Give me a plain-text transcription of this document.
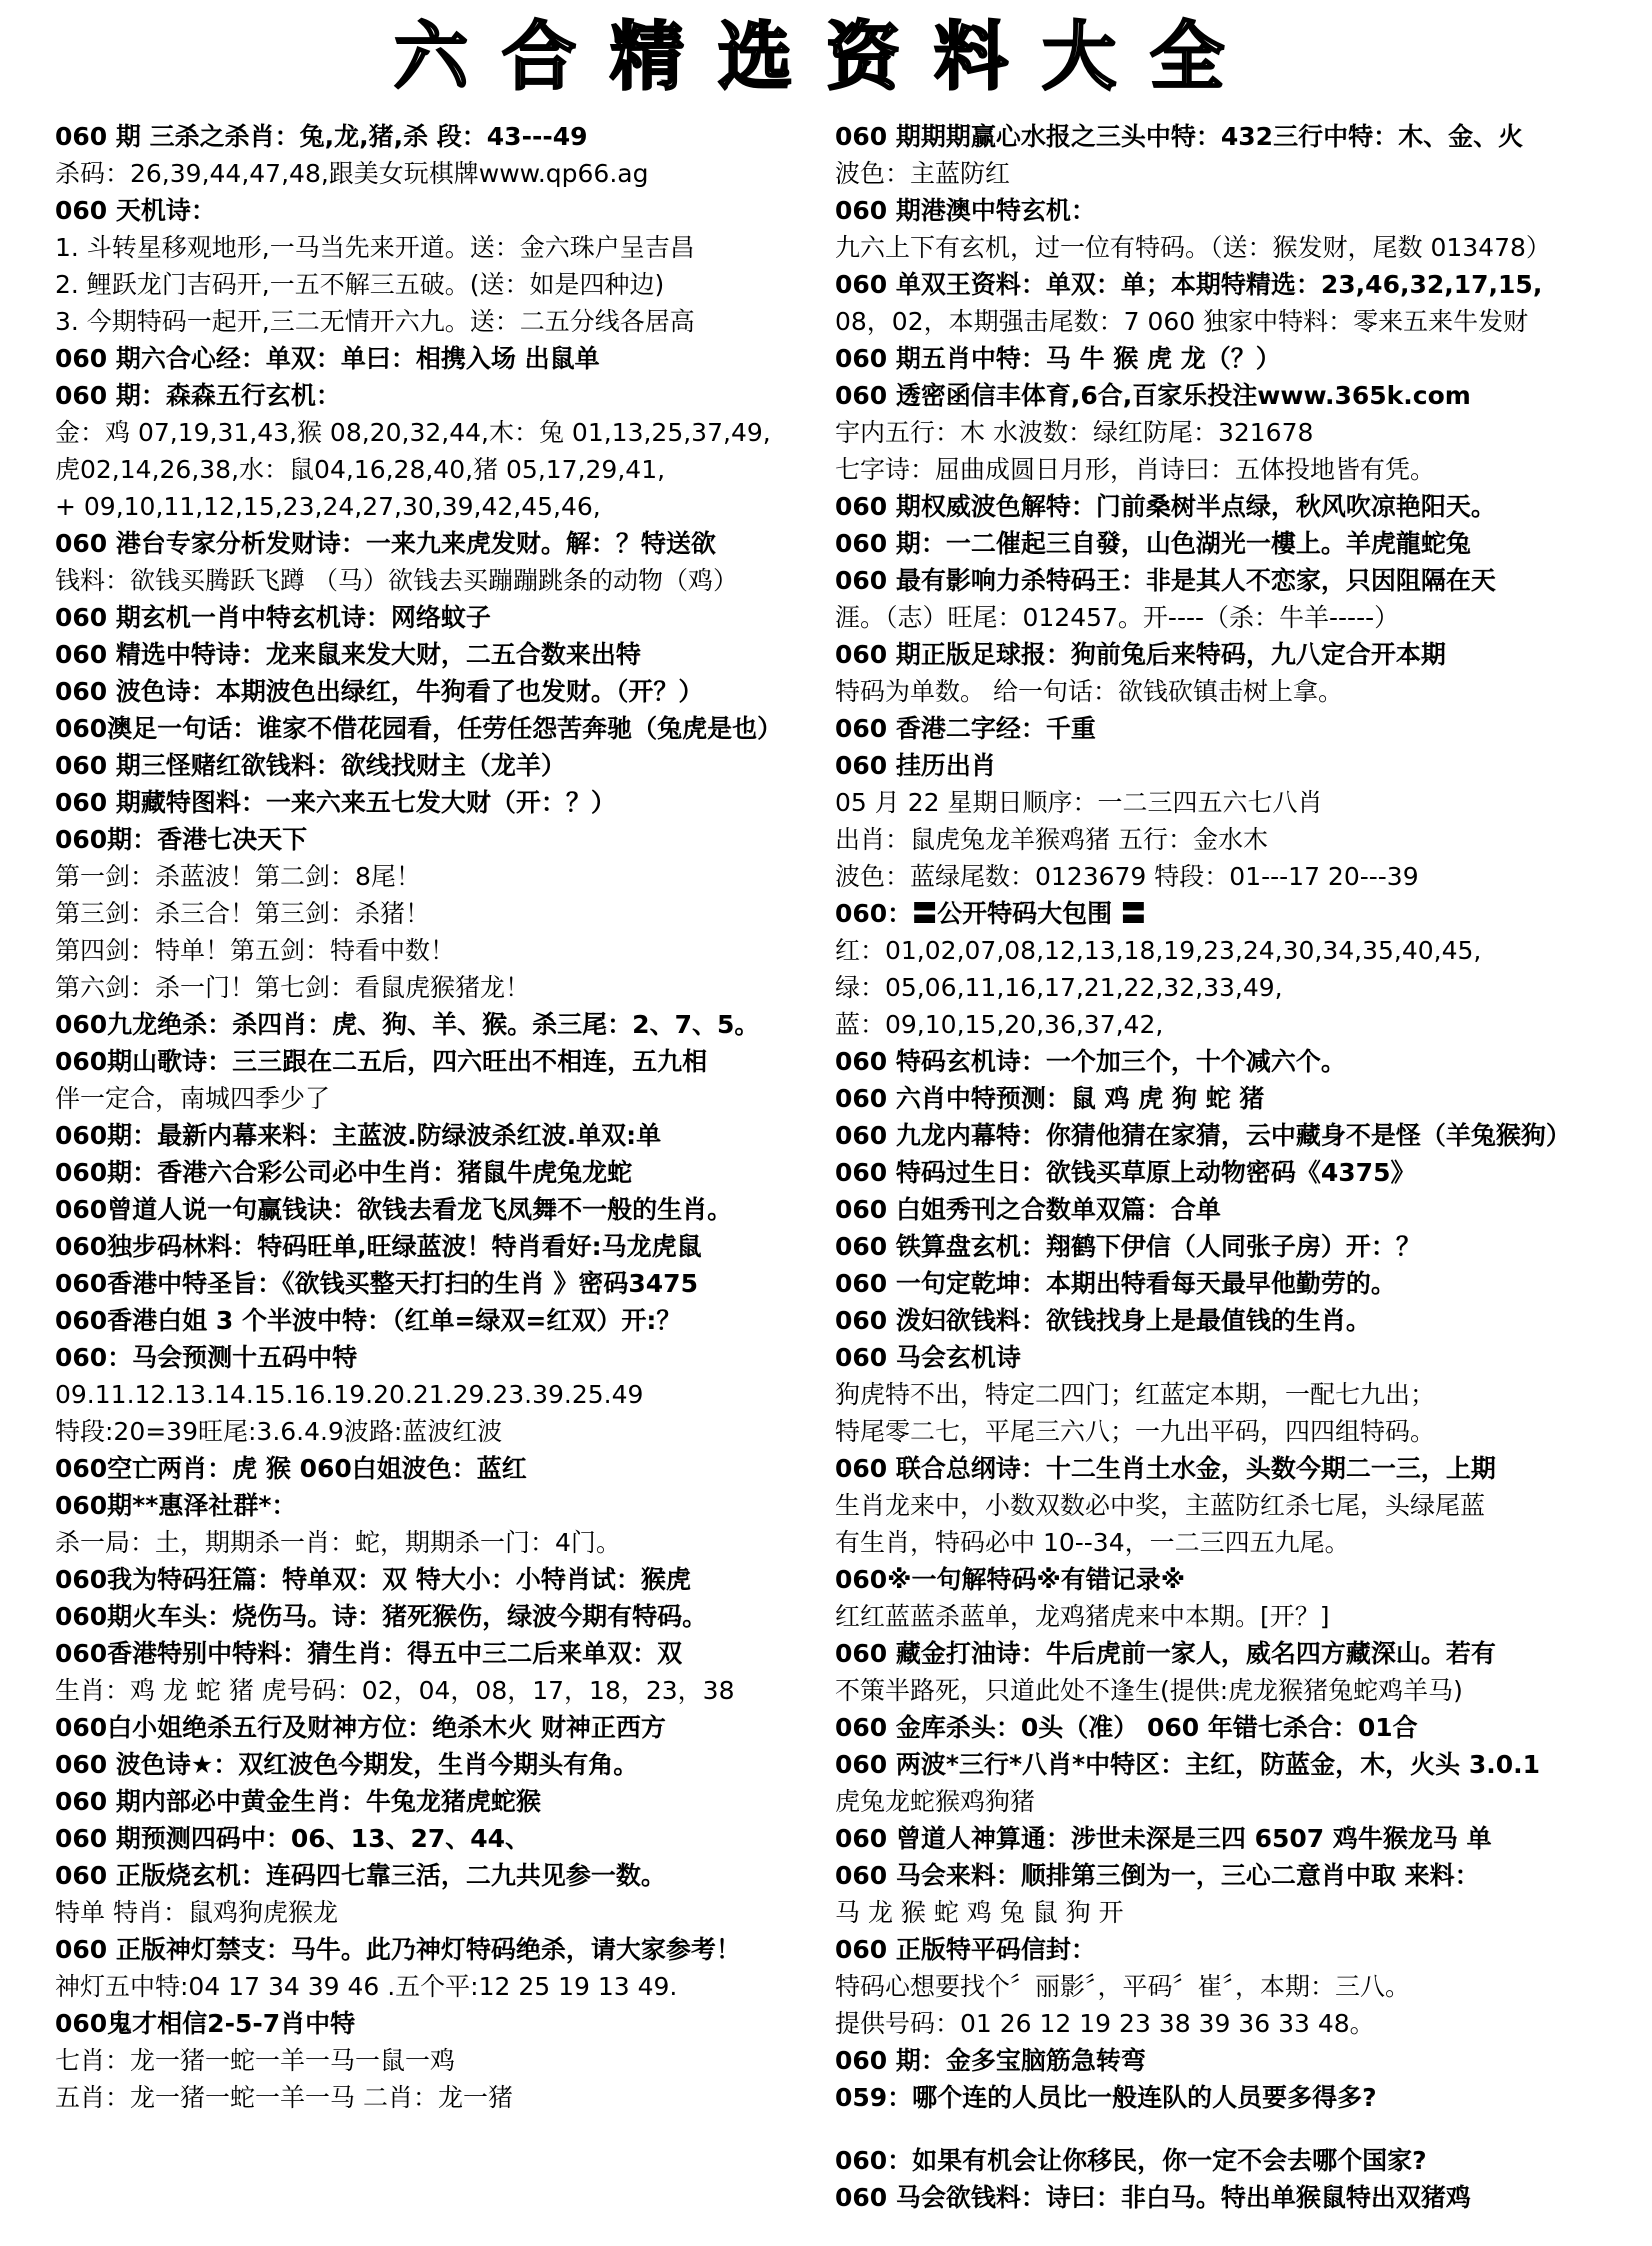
六合精选资料大全
060 期 三杀之杀肖：兔,龙,猪,杀 段：43---49
杀码：26,39,44,47,48,跟美女玩棋牌www.qp66.ag
060 天机诗：
1. 斗转星移观地形,一马当先来开道。送：金六珠户呈吉昌
2. 鲤跃龙门吉码开,一五不解三五破。(送：如是四种边)
3. 今期特码一起开,三二无情开六九。送：二五分线各居高
060 期六合心经：单双：单曰：相携入场 出鼠单
060 期：森森五行玄机：
金：鸡 07,19,31,43,猴 08,20,32,44,木：兔 01,13,25,37,49,
虎02,14,26,38,水：鼠04,16,28,40,猪 05,17,29,41,
+ 09,10,11,12,15,23,24,27,30,39,42,45,46,
060 港台专家分析发财诗：一来九来虎发财。解：？特送欲
钱料：欲钱买腾跃飞蹲 （马）欲钱去买蹦蹦跳条的动物（鸡）
060 期玄机一肖中特玄机诗：网络蚊子
060 精选中特诗：龙来鼠来发大财，二五合数来出特
060 波色诗：本期波色出绿红，牛狗看了也发财。（开？）
060澳足一句话：谁家不借花园看，任劳任怨苦奔驰（兔虎是也）
060 期三怪赌红欲钱料：欲线找财主（龙羊）
060 期藏特图料：一来六来五七发大财（开：？）
060期：香港七决天下
第一剑：杀蓝波！第二剑：8尾！
第三剑：杀三合！第三剑：杀猪！
第四剑：特单！第五剑：特看中数！
第六剑：杀一门！第七剑：看鼠虎猴猪龙！
060九龙绝杀：杀四肖：虎、狗、羊、猴。杀三尾：2、7、5。
060期山歌诗：三三跟在二五后，四六旺出不相连，五九相
伴一定合，南城四季少了
060期：最新内幕来料：主蓝波.防绿波杀红波.单双:单
060期：香港六合彩公司必中生肖：猪鼠牛虎兔龙蛇
060曾道人说一句赢钱诀：欲钱去看龙飞凤舞不一般的生肖。
060独步码林料：特码旺单,旺绿蓝波！特肖看好:马龙虎鼠
060香港中特圣旨：《欲钱买整天打扫的生肖 》密码3475
060香港白姐 3 个半波中特：（红单=绿双=红双）开:？
060：马会预测十五码中特
09.11.12.13.14.15.16.19.20.21.29.23.39.25.49
特段:20=39旺尾:3.6.4.9波路:蓝波红波
060空亡两肖：虎 猴 060白姐波色：蓝红
060期**惠泽社群*：
杀一局：土，期期杀一肖：蛇，期期杀一门：4门。
060我为特码狂篇：特单双：双 特大小：小特肖试：猴虎
060期火车头：烧伤马。诗：猪死猴伤，绿波今期有特码。
060香港特别中特料：猜生肖：得五中三二后来单双：双
生肖：鸡 龙 蛇 猪 虎号码：02，04，08，17，18，23，38
060白小姐绝杀五行及财神方位：绝杀木火 财神正西方
060 波色诗★：双红波色今期发，生肖今期头有角。
060 期内部必中黄金生肖：牛兔龙猪虎蛇猴
060 期预测四码中：06、13、27、44、
060 正版烧玄机：连码四七靠三活，二九共见参一数。
特单 特肖：鼠鸡狗虎猴龙
060 正版神灯禁支：马牛。此乃神灯特码绝杀，请大家参考！
神灯五中特:04 17 34 39 46 .五个平:12 25 19 13 49.
060鬼才相信2-5-7肖中特
七肖：龙一猪一蛇一羊一马一鼠一鸡
五肖：龙一猪一蛇一羊一马 二肖：龙一猪
060 期期期赢心水报之三头中特：432三行中特：木、金、火
波色：主蓝防红
060 期港澳中特玄机：
九六上下有玄机，过一位有特码。（送：猴发财，尾数 013478）
060 单双王资料：单双：单；本期特精选：23,46,32,17,15,
08，02，本期强击尾数：7 060 独家中特料：零来五来牛发财
060 期五肖中特：马 牛 猴 虎 龙（？）
060 透密函信丰体育,6合,百家乐投注www.365k.com
宇内五行：木 水波数：绿红防尾：321678
七字诗：屈曲成圆日月形，肖诗曰：五体投地皆有凭。
060 期权威波色解特：门前桑树半点绿，秋风吹凉艳阳天。
060 期：一二催起三自發，山色湖光一樓上。羊虎龍蛇兔
060 最有影响力杀特码王：非是其人不恋家，只因阻隔在天
涯。（志）旺尾：012457。开----（杀：牛羊-----）
060 期正版足球报：狗前兔后来特码，九八定合开本期
特码为单数。 给一句话：欲钱砍镇击树上拿。
060 香港二字经：千重
060 挂历出肖
05 月 22 星期日顺序：一二三四五六七八肖
出肖：鼠虎兔龙羊猴鸡猪 五行：金水木
波色：蓝绿尾数：0123679 特段：01---17 20---39
060：〓公开特码大包围 〓
红：01,02,07,08,12,13,18,19,23,24,30,34,35,40,45,
绿：05,06,11,16,17,21,22,32,33,49,
蓝：09,10,15,20,36,37,42,
060 特码玄机诗：一个加三个，十个减六个。
060 六肖中特预测：鼠 鸡 虎 狗 蛇 猪
060 九龙内幕特：你猜他猜在家猜，云中藏身不是怪（羊兔猴狗）
060 特码过生日：欲钱买草原上动物密码《4375》
060 白姐秀刊之合数单双篇：合单
060 铁算盘玄机：翔鹤下伊信（人同张子房）开：？
060 一句定乾坤：本期出特看每天最早他勤劳的。
060 泼妇欲钱料：欲钱找身上是最值钱的生肖。
060 马会玄机诗
狗虎特不出，特定二四门；红蓝定本期，一配七九出；
特尾零二七，平尾三六八；一九出平码，四四组特码。
060 联合总纲诗：十二生肖土水金，头数今期二一三，上期
生肖龙来中，小数双数必中奖，主蓝防红杀七尾，头绿尾蓝
有生肖，特码必中 10--34，一二三四五九尾。
060※一句解特码※有错记录※
红红蓝蓝杀蓝单，龙鸡猪虎来中本期。[开？]
060 藏金打油诗：牛后虎前一家人，威名四方藏深山。若有
不策半路死，只道此处不逢生(提供:虎龙猴猪兔蛇鸡羊马)
060 金库杀头：0头（准） 060 年错七杀合：01合
060 两波*三行*八肖*中特区：主红，防蓝金，木，火头 3.0.1
虎兔龙蛇猴鸡狗猪
060 曾道人神算通：涉世未深是三四 6507 鸡牛猴龙马 单
060 马会来料：顺排第三倒为一，三心二意肖中取 来料：
马 龙 猴 蛇 鸡 兔 鼠 狗 开
060 正版特平码信封：
特码心想要找个〞丽影〞，平码〞崔〞，本期：三八。
提供号码：01 26 12 19 23 38 39 36 33 48。
060 期：金多宝脑筋急转弯
059：哪个连的人员比一般连队的人员要多得多?
060：如果有机会让你移民，你一定不会去哪个国家?
060 马会欲钱料：诗曰：非白马。特出单猴鼠特出双猪鸡
